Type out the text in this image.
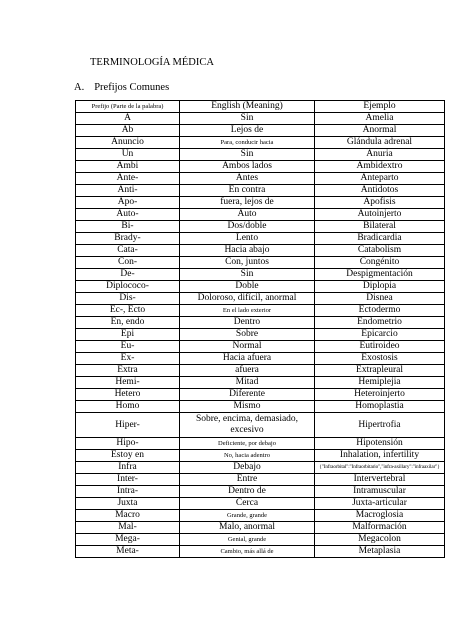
TERMINOLOGÍA MÉDICA
A. Prefijos Comunes
Prefijo (Parte de la palabra)	English (Meaning)	Ejemplo
A	Sin	Amelia
Ab	Lejos de	Anormal
Anuncio	Para, conducir hacia	Glándula adrenal
Un	Sin	Anuria
Ambi	Ambos lados	Ambidextro
Ante-	Antes	Anteparto
Anti-	En contra	Antidotos
Apo-	fuera, lejos de	Apofisis
Auto-	Auto	Autoinjerto
Bi-	Dos/doble	Bilateral
Brady-	Lento	Bradicardia
Cata-	Hacia abajo	Catabolism
Con-	Con, juntos	Congénito
De-	Sin	Despigmentación
Diplococo-	Doble	Diplopia
Dis-	Doloroso, difícil, anormal	Disnea
Ec-, Ecto	En el lado exterior	Ectodermo
En, endo	Dentro	Endometrio
Epi	Sobre	Epicarcio
Eu-	Normal	Eutiroideo
Ex-	Hacia afuera	Exostosis
Extra	afuera	Extrapleural
Hemi-	Mitad	Hemiplejia
Hetero	Diferente	Heteroinjerto
Homo	Mismo	Homoplastia
Hiper-	Sobre, encima, demasiado, excesivo	Hipertrofia
Hipo-	Deficiente, por debajo	Hipotensión
Estoy en	No, hacia adentro	Inhalation, infertility
Infra	Debajo	{"Infraorbital":"Infraorbitario","infra-axillary":"infraaxilar"}
Inter-	Entre	Intervertebral
Intra-	Dentro de	Intramuscular
Juxta	Cerca	Juxta-articular
Macro	Grande, grande	Macroglosia
Mal-	Malo, anormal	Malformación
Mega-	Genial, grande	Megacolon
Meta-	Cambio, más allá de	Metaplasia
